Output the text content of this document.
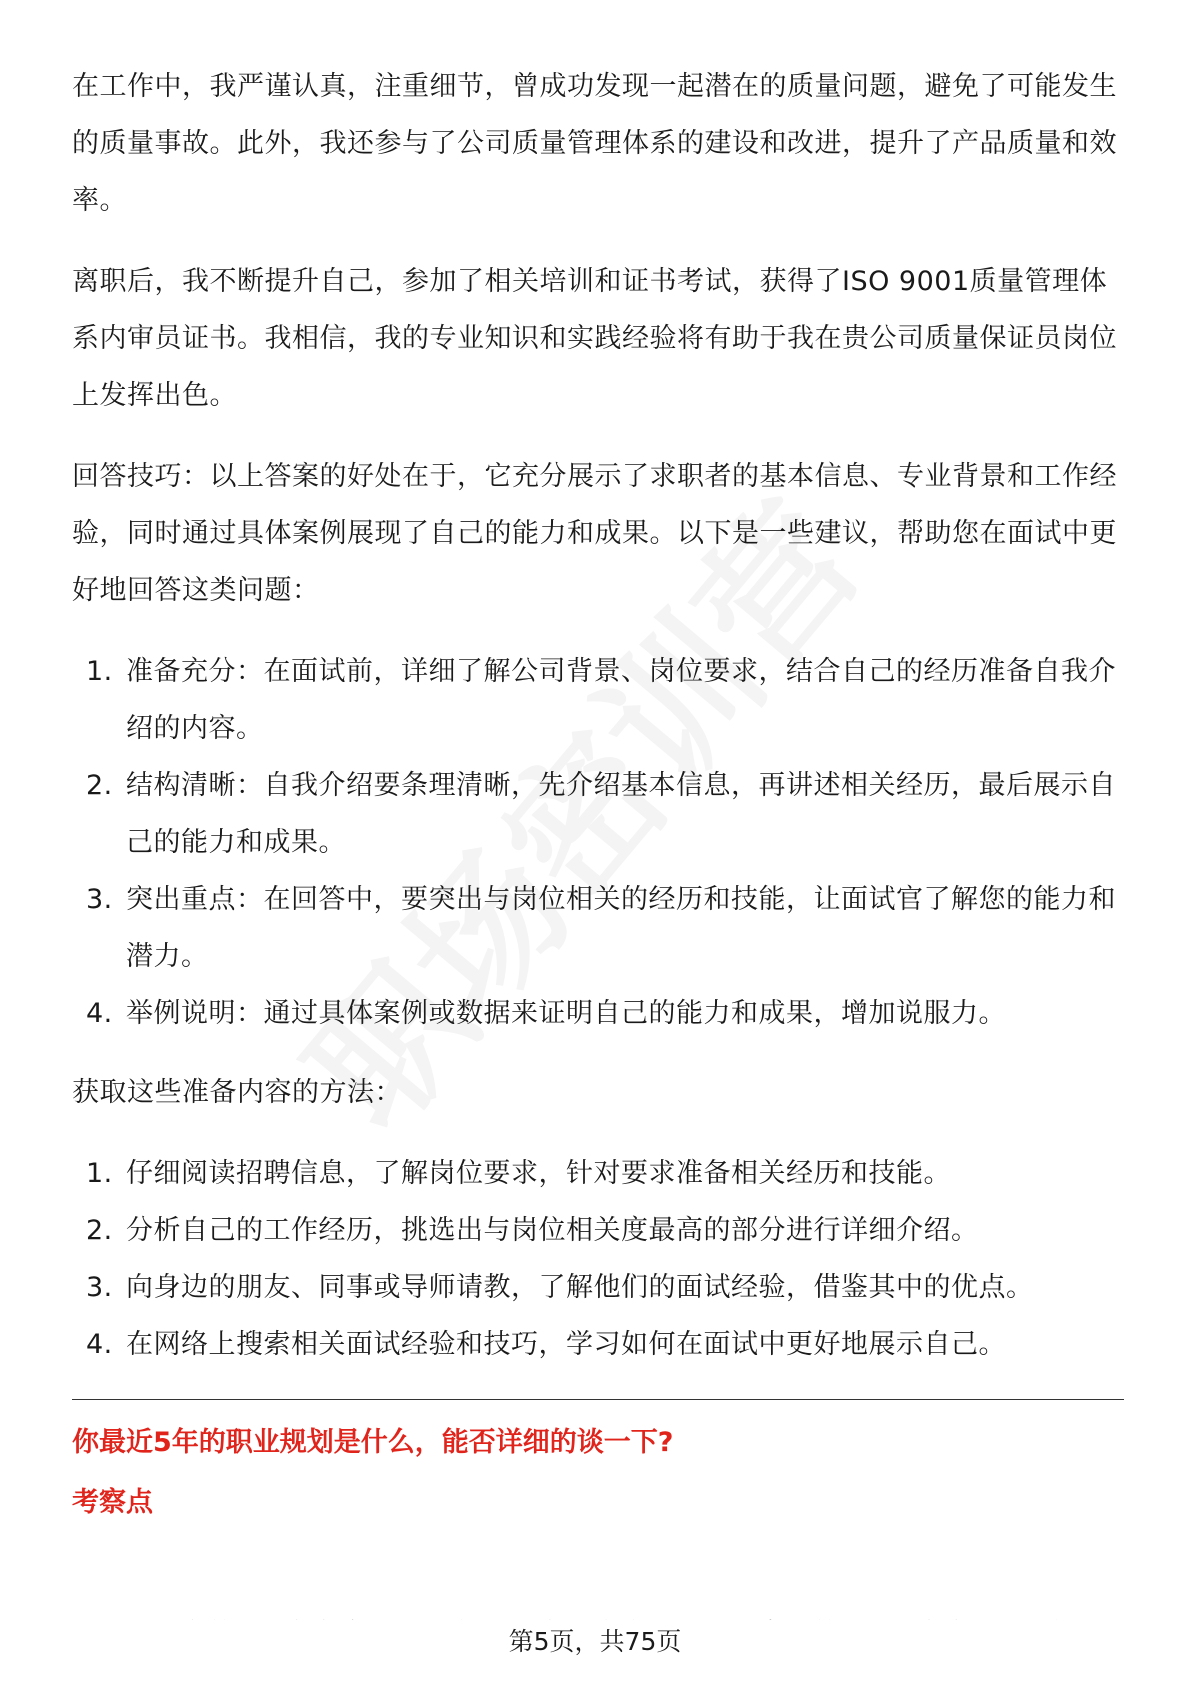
在工作中，我严谨认真，注重细节，曾成功发现一起潜在的质量问题，避免了可能发生的质量事故。此外，我还参与了公司质量管理体系的建设和改进，提升了产品质量和效率。

离职后，我不断提升自己，参加了相关培训和证书考试，获得了ISO 9001质量管理体系内审员证书。我相信，我的专业知识和实践经验将有助于我在贵公司质量保证员岗位上发挥出色。

回答技巧：以上答案的好处在于，它充分展示了求职者的基本信息、专业背景和工作经验，同时通过具体案例展现了自己的能力和成果。以下是一些建议，帮助您在面试中更好地回答这类问题：

1. 准备充分：在面试前，详细了解公司背景、岗位要求，结合自己的经历准备自我介绍的内容。
2. 结构清晰：自我介绍要条理清晰，先介绍基本信息，再讲述相关经历，最后展示自己的能力和成果。
3. 突出重点：在回答中，要突出与岗位相关的经历和技能，让面试官了解您的能力和潜力。
4. 举例说明：通过具体案例或数据来证明自己的能力和成果，增加说服力。

获取这些准备内容的方法：

1. 仔细阅读招聘信息，了解岗位要求，针对要求准备相关经历和技能。
2. 分析自己的工作经历，挑选出与岗位相关度最高的部分进行详细介绍。
3. 向身边的朋友、同事或导师请教，了解他们的面试经验，借鉴其中的优点。
4. 在网络上搜索相关面试经验和技巧，学习如何在面试中更好地展示自己。
你最近5年的职业规划是什么，能否详细的谈一下?
考察点
第5页，共75页
